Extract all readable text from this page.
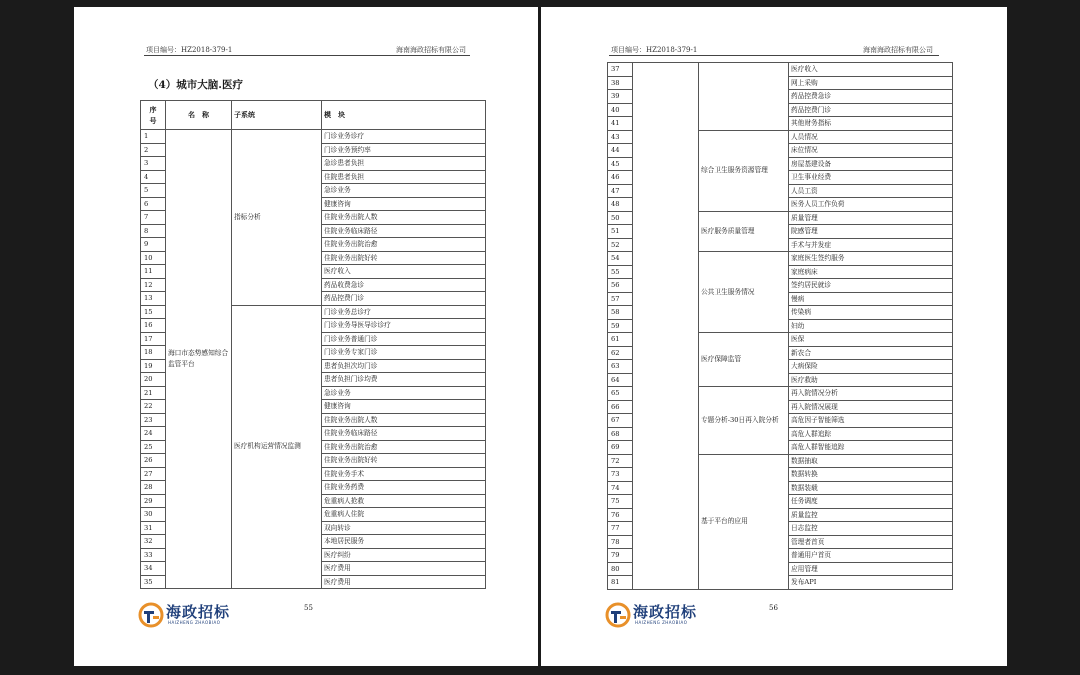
项目编号：HZ2018-379-1	海南海政招标有限公司
（4）城市大脑.医疗
序
号	名　称	子系统	模　块
1	海口市态势感知综合监管平台	指标分析	门诊业务诊疗
2			门诊业务预约率
3			急诊患者负担
4			住院患者负担
5			急诊业务
6			健康咨询
7			住院业务出院人数
8			住院业务临床路径
9			住院业务出院治愈
10			住院业务出院好转
11			医疗收入
12			药品收费急诊
13			药品控费门诊
15		医疗机构运营情况监测	门诊业务总诊疗
16			门诊业务导医导诊诊疗
17			门诊业务普通门诊
18			门诊业务专家门诊
19			患者负担次均门诊
20			患者负担门诊均费
21			急诊业务
22			健康咨询
23			住院业务出院人数
24			住院业务临床路径
25			住院业务出院治愈
26			住院业务出院好转
27			住院业务手术
28			住院业务药费
29			危重病人抢救
30			危重病人住院
31			双向转诊
32			本地居民服务
33			医疗纠纷
34			医疗费用
35			医疗费用
55
海政招标
HAIZHENG ZHAOBIAO
项目编号：HZ2018-379-1	海南海政招标有限公司
37			医疗收入
38			网上采购
39			药品控费急诊
40			药品控费门诊
41			其他财务指标
43		综合卫生服务资源管理	人员情况
44			床位情况
45			房屋基建设备
46			卫生事业经费
47			人员工资
48			医务人员工作负荷
50		医疗服务质量管理	质量管理
51			院感管理
52			手术与并发症
54		公共卫生服务情况	家庭医生签约服务
55			家庭病床
56			签约居民就诊
57			慢病
58			传染病
59			妇幼
61		医疗保障监管	医保
62			新农合
63			大病保险
64			医疗救助
65		专题分析-30日再入院分析	再入院情况分析
66			再入院情况展现
67			高危因子智能筛选
68			高危人群追踪
69			高危人群智能追踪
72		基于平台的应用	数据抽取
73			数据转换
74			数据装载
75			任务调度
76			质量监控
77			日志监控
78			管理者首页
79			普通用户首页
80			应用管理
81			发布API
56
海政招标
HAIZHENG ZHAOBIAO
